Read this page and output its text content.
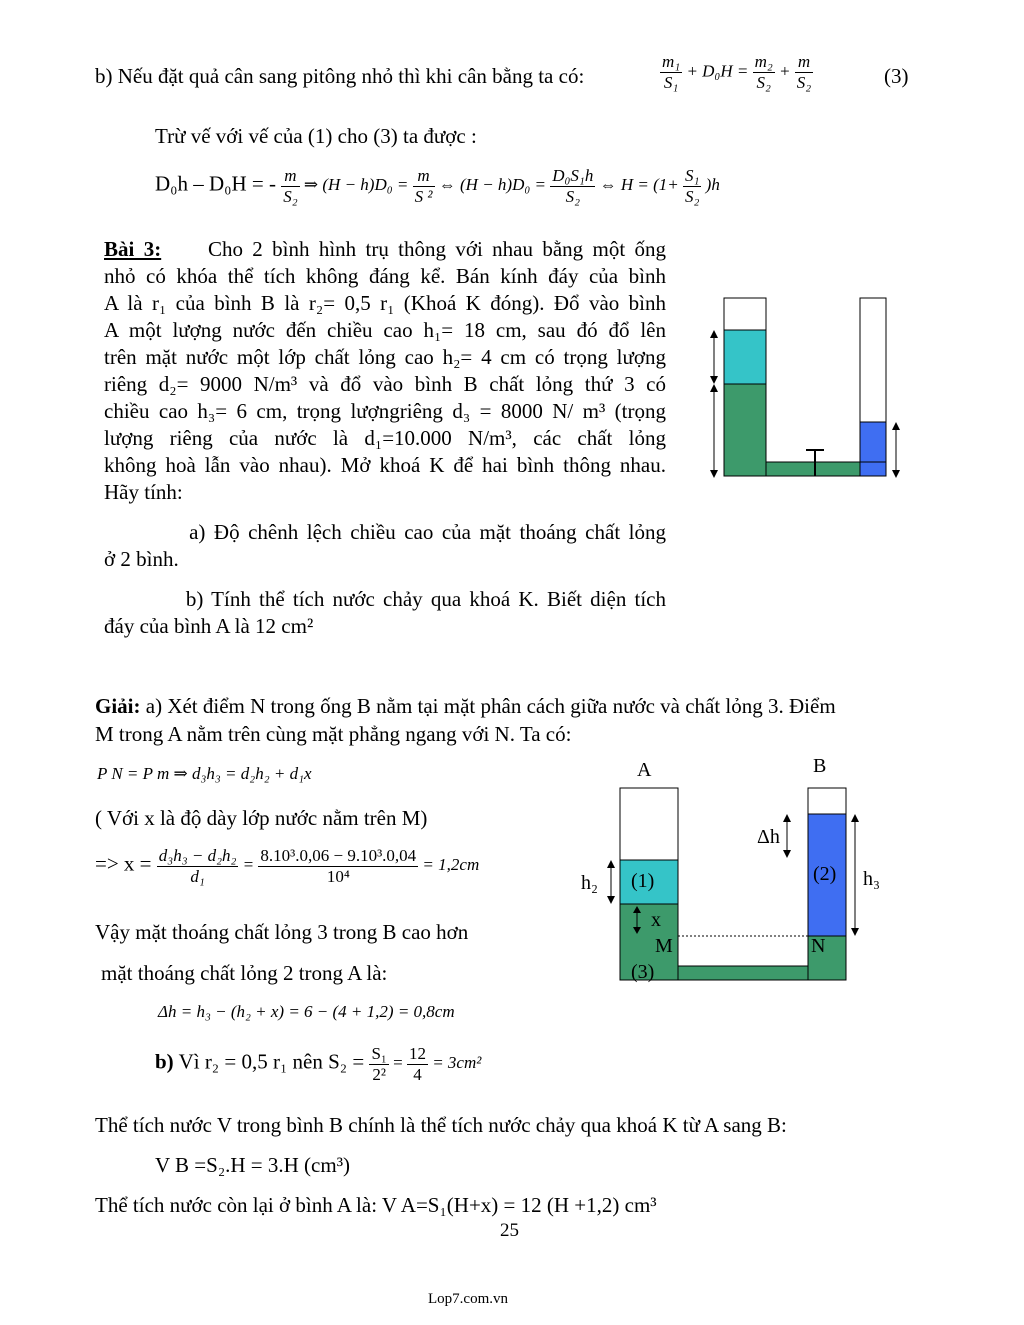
b) Nếu đặt quả cân sang pitông nhỏ thì khi cân bằng ta có:	$\frac{\text{m₁}}{\text{S₁}} + D_0H = \frac{\text{m₂}}{\text{S₂}} + \frac{m}{\text{S₂}}$	(3)
Trừ vế với vế của (1) cho (3) ta được :
D₀h – D₀H = - $\frac{m}{\text{S₂}}$ ⇒ $(H - h)D_0 = \frac{m}{\text{S ²}}$ ⇔ $(H - h)D_0 = \frac{\text{D₀S₁h}}{\text{S₂}}$ ⇔ $H = (1+ \frac{\text{S₁}}{\text{S₂}} )h$
Bài 3: Cho 2 bình hình trụ thông với nhau bằng một ống
nhỏ có khóa thể tích không đáng kể. Bán kính đáy của bình
A là r₁ của bình B là r₂= 0,5 r₁ (Khoá K đóng). Đổ vào bình
A một lượng nước đến chiều cao h₁= 18 cm, sau đó đổ lên
trên mặt nước một lớp chất lỏng cao h₂= 4 cm có trọng lượng
riêng d₂= 9000 N/m³ và đổ vào bình B chất lỏng thứ 3 có
chiều cao h₃= 6 cm, trọng lượngriêng d₃ = 8000 N/ m³ (trọng
lượng riêng của nước là d₁=10.000 N/m³, các chất lỏng
không hoà lẫn vào nhau). Mở khoá K để hai bình thông nhau.
Hãy tính:
a) Độ chênh lệch chiều cao của mặt thoáng chất lỏng
ở 2 bình.
b) Tính thể tích nước chảy qua khoá K. Biết diện tích
đáy của bình A là 12 cm²
Giải: a) Xét điểm N trong ống B nằm tại mặt phân cách giữa nước và chất lỏng 3. Điểm
M trong A nằm trên cùng mặt phẳng ngang với N. Ta có:
P N = P m ⇒ d₃h₃ = d₂h₂ + d₁x
( Với x là độ dày lớp nước nằm trên M)
=> $x = \frac{\text{d₃h₃ − d₂h₂}}{\text{d₁}} = \frac{\text{8.10³.0,06 − 9.10³.0,04}}{\text{10⁴}} = 1,2cm$
Vậy mặt thoáng chất lỏng 3 trong B cao hơn
mặt thoáng chất lỏng 2 trong A là:
Δh = h₃ − (h₂ + x) = 6 − (4 + 1,2) = 0,8cm
b) Vì r₂ = 0,5 r₁ nên $S_2 = \frac{\text{S₁}}{\text{2²}} = \frac{12}{4} = 3cm^2$
Thể tích nước V trong bình B chính là thể tích nước chảy qua khoá K từ A sang B:
V B =S₂.H = 3.H (cm³)
Thể tích nước còn lại ở bình A là: V A=S₁(H+x) = 12 (H +1,2) cm³
A	B
Δh
h₂	h₃
(1)	(2)
(3)
x
M	N
25
Lop7.com.vn
